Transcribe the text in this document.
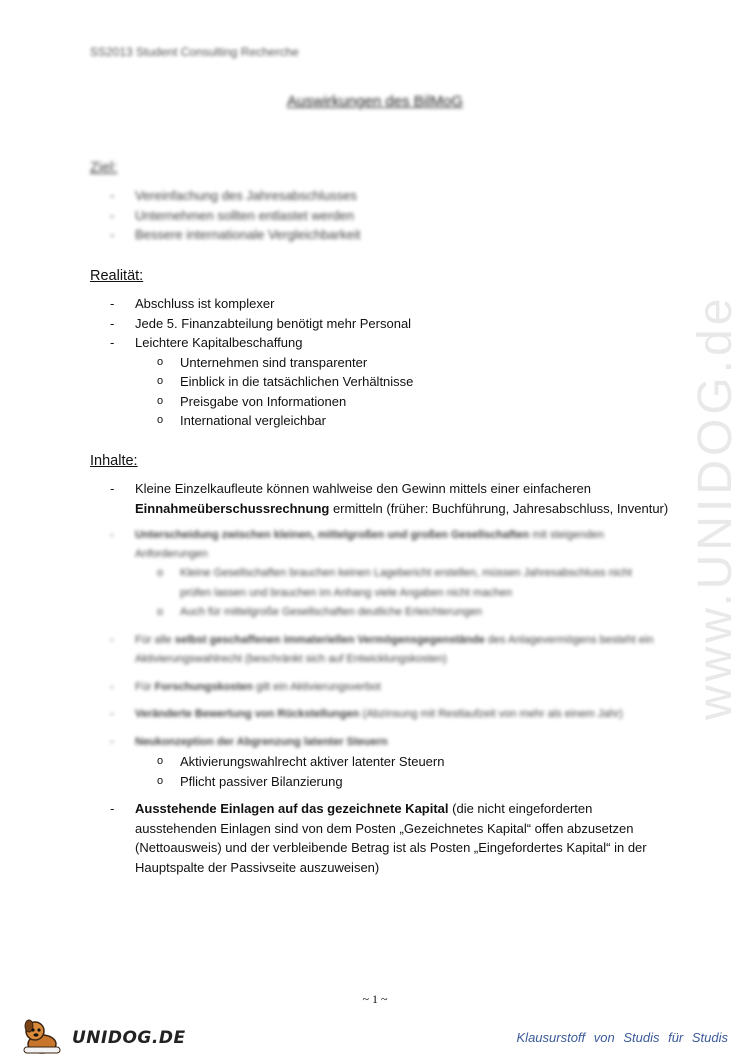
SS2013 Student Consulting Recherche
Auswirkungen des BilMoG
Ziel:
- Vereinfachung des Jahresabschlusses
- Unternehmen sollten entlastet werden
- Bessere internationale Vergleichbarkeit
Realität:
- Abschluss ist komplexer
- Jede 5. Finanzabteilung benötigt mehr Personal
- Leichtere Kapitalbeschaffung
o Unternehmen sind transparenter
o Einblick in die tatsächlichen Verhältnisse
o Preisgabe von Informationen
o International vergleichbar
Inhalte:
- Kleine Einzelkaufleute können wahlweise den Gewinn mittels einer einfacheren
Einnahmeüberschussrechnung ermitteln (früher: Buchführung, Jahresabschluss, Inventur)
- Unterscheidung zwischen kleinen, mittelgroßen und großen Gesellschaften mit steigenden Anforderungen
o Kleine Gesellschaften brauchen keinen Lagebericht erstellen, müssen Jahresabschluss nicht prüfen lassen und brauchen im Anhang viele Angaben nicht machen
o Auch für mittelgroße Gesellschaften deutliche Erleichterungen
- Für alle selbst geschaffenen immateriellen Vermögensgegenstände des Anlagevermögens besteht ein Aktivierungswahlrecht (beschränkt sich auf Entwicklungskosten)
- Für Forschungskosten gilt ein Aktivierungsverbot
- Veränderte Bewertung von Rückstellungen (Abzinsung mit Restlaufzeit von mehr als einem Jahr)
- Neukonzeption der Abgrenzung latenter Steuern
o Aktivierungswahlrecht aktiver latenter Steuern
o Pflicht passiver Bilanzierung
- Ausstehende Einlagen auf das gezeichnete Kapital (die nicht eingeforderten ausstehenden Einlagen sind von dem Posten „Gezeichnetes Kapital“ offen abzusetzen (Nettoausweis) und der verbleibende Betrag ist als Posten „Eingefordertes Kapital“ in der Hauptspalte der Passivseite auszuweisen)
www.UNIDOG.de
~ 1 ~
UNIDOG.DE	Klausurstoff von Studis für Studis
